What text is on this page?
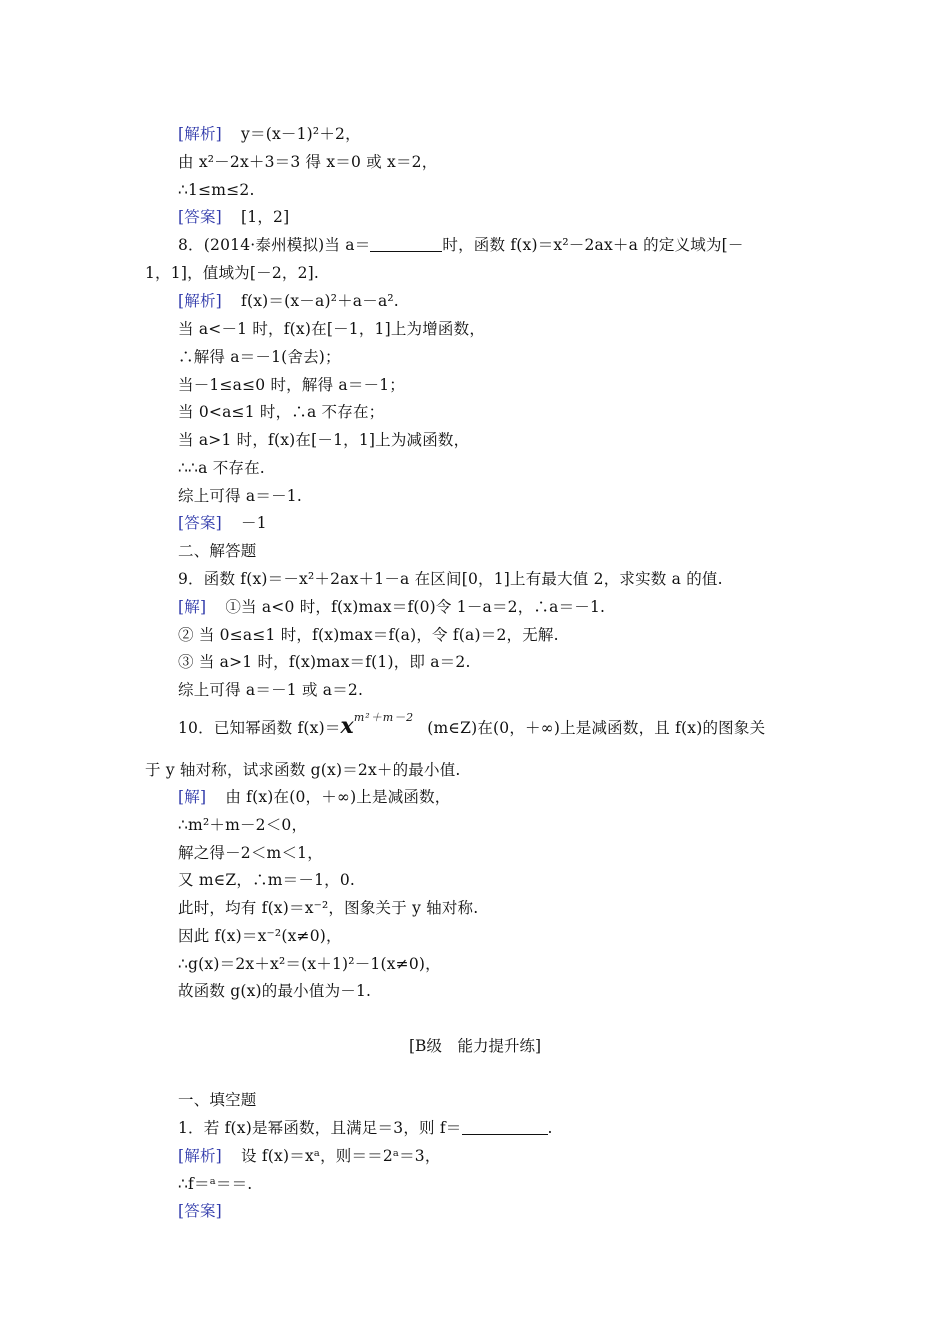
[解析] y＝(x－1)²＋2，
由 x²－2x＋3＝3 得 x＝0 或 x＝2，
∴1≤m≤2.
[答案] [1，2]
8．(2014·泰州模拟)当 a＝	时，函数 f(x)＝x²－2ax＋a 的定义域为[－
1，1]，值域为[－2，2].
[解析] f(x)＝(x－a)²＋a－a².
当 a<－1 时，f(x)在[－1，1]上为增函数，
∴解得 a＝－1(舍去)；
当－1≤a≤0 时，解得 a＝－1；
当 0<a≤1 时，∴a 不存在；
当 a>1 时，f(x)在[－1，1]上为减函数，
∴∴a 不存在.
综上可得 a＝－1.
[答案] －1
二、解答题
9．函数 f(x)＝－x²＋2ax＋1－a 在区间[0，1]上有最大值 2，求实数 a 的值.
[解] ①当 a<0 时，f(x)max＝f(0)令 1－a＝2，∴a＝－1.
② 当 0≤a≤1 时，f(x)max＝f(a)，令 f(a)＝2，无解.
③ 当 a>1 时，f(x)max＝f(1)，即 a＝2.
综上可得 a＝－1 或 a＝2.
10．已知幂函数 $f(x)=x^{m^2+m-2}$ (m∈Z)在(0，＋∞)上是减函数，且 f(x)的图象关
于 y 轴对称，试求函数 g(x)＝2x＋的最小值.
[解] 由 f(x)在(0，＋∞)上是减函数，
∴m²＋m－2＜0，
解之得－2＜m＜1，
又 m∈Z，∴m＝－1，0.
此时，均有 f(x)＝x⁻²，图象关于 y 轴对称.
因此 f(x)＝x⁻²(x≠0)，
∴g(x)＝2x＋x²＝(x＋1)²－1(x≠0)，
故函数 g(x)的最小值为－1.
[B级　能力提升练]
一、填空题
1．若 f(x)是幂函数，且满足＝3，则 f＝	.
[解析] 设 f(x)＝xᵃ，则＝＝2ᵃ＝3，
∴f＝ᵃ＝＝.
[答案]
